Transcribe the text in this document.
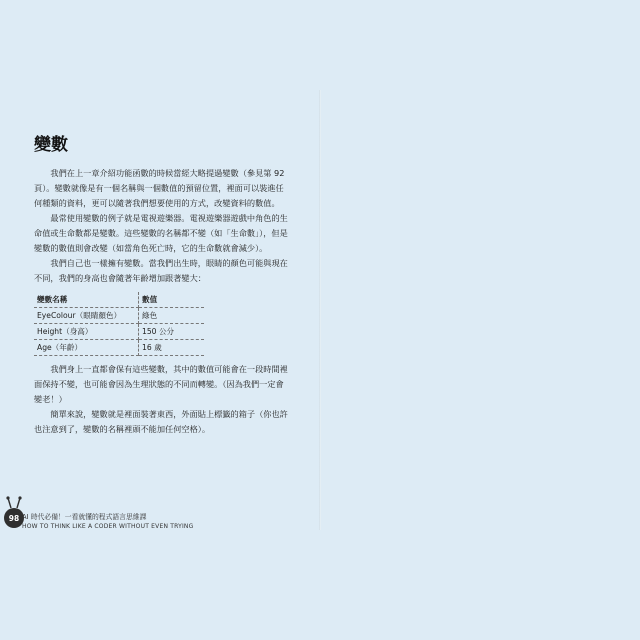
變數

我們在上一章介紹功能函數的時候當經大略提過變數（參見第 92 頁）。變數就像是有一個名稱與一個數值的預留位置，裡面可以裝進任何種類的資料，更可以隨著我們想要使用的方式，改變資料的數值。

最常使用變數的例子就是電視遊樂器。電視遊樂器遊戲中角色的生命值或生命數都是變數。這些變數的名稱都不變（如「生命數」），但是變數的數值則會改變（如當角色死亡時，它的生命數就會減少）。

我們自己也一樣擁有變數。當我們出生時，眼睛的顏色可能與現在不同，我們的身高也會隨著年齡增加跟著變大：

變數名稱	數值
EyeColour（眼睛顏色）	綠色
Height（身高）	150 公分
Age（年齡）	16 歲

我們身上一直都會保有這些變數，其中的數值可能會在一段時間裡面保持不變，也可能會因為生理狀態的不同而轉變。（因為我們一定會變老！）

簡單來說，變數就是裡面裝著東西，外面貼上標籤的箱子（你也許也注意到了，變數的名稱裡頭不能加任何空格）。

98 AI 時代必備！一看就懂的程式語言思維課
HOW TO THINK LIKE A CODER WITHOUT EVEN TRYING
